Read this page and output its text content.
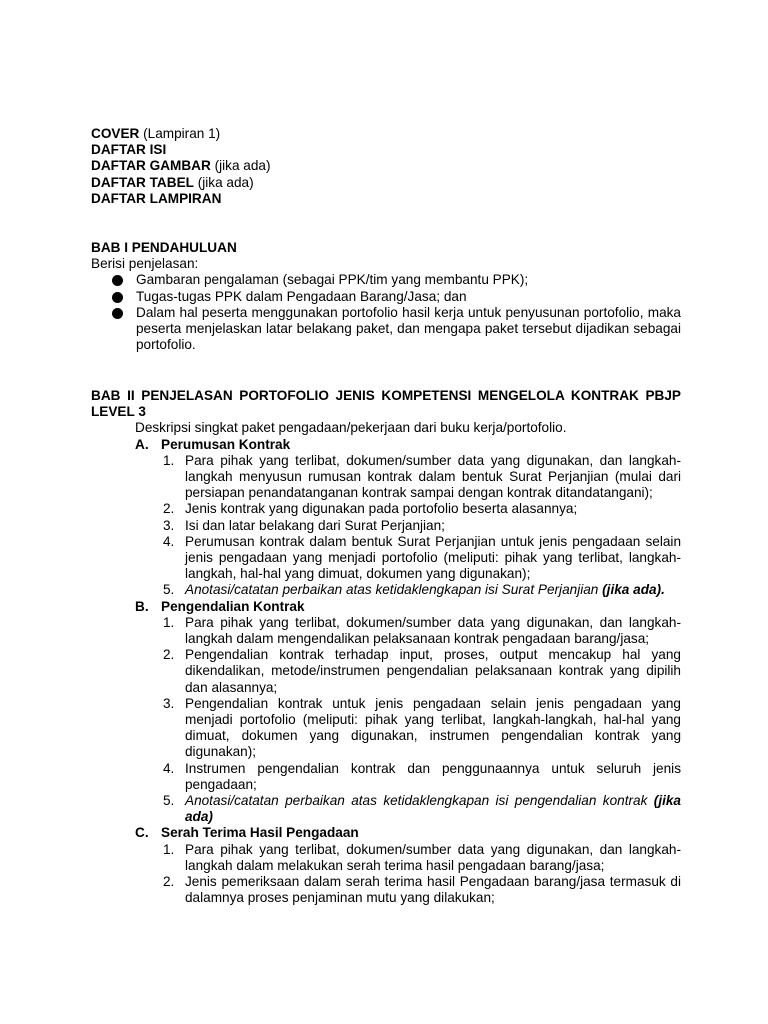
COVER (Lampiran 1)
DAFTAR ISI
DAFTAR GAMBAR (jika ada)
DAFTAR TABEL (jika ada)
DAFTAR LAMPIRAN
BAB I PENDAHULUAN
Berisi penjelasan:
Gambaran pengalaman (sebagai PPK/tim yang membantu PPK);
Tugas-tugas PPK dalam Pengadaan Barang/Jasa; dan
Dalam hal peserta menggunakan portofolio hasil kerja untuk penyusunan portofolio, maka peserta menjelaskan latar belakang paket, dan mengapa paket tersebut dijadikan sebagai portofolio.
BAB II PENJELASAN PORTOFOLIO JENIS KOMPETENSI MENGELOLA KONTRAK PBJP LEVEL 3
Deskripsi singkat paket pengadaan/pekerjaan dari buku kerja/portofolio.
A. Perumusan Kontrak
1. Para pihak yang terlibat, dokumen/sumber data yang digunakan, dan langkah-langkah menyusun rumusan kontrak dalam bentuk Surat Perjanjian (mulai dari persiapan penandatanganan kontrak sampai dengan kontrak ditandatangani);
2. Jenis kontrak yang digunakan pada portofolio beserta alasannya;
3. Isi dan latar belakang dari Surat Perjanjian;
4. Perumusan kontrak dalam bentuk Surat Perjanjian untuk jenis pengadaan selain jenis pengadaan yang menjadi portofolio (meliputi: pihak yang terlibat, langkah-langkah, hal-hal yang dimuat, dokumen yang digunakan);
5. Anotasi/catatan perbaikan atas ketidaklengkapan isi Surat Perjanjian (jika ada).
B. Pengendalian Kontrak
1. Para pihak yang terlibat, dokumen/sumber data yang digunakan, dan langkah-langkah dalam mengendalikan pelaksanaan kontrak pengadaan barang/jasa;
2. Pengendalian kontrak terhadap input, proses, output mencakup hal yang dikendalikan, metode/instrumen pengendalian pelaksanaan kontrak yang dipilih dan alasannya;
3. Pengendalian kontrak untuk jenis pengadaan selain jenis pengadaan yang menjadi portofolio (meliputi: pihak yang terlibat, langkah-langkah, hal-hal yang dimuat, dokumen yang digunakan, instrumen pengendalian kontrak yang digunakan);
4. Instrumen pengendalian kontrak dan penggunaannya untuk seluruh jenis pengadaan;
5. Anotasi/catatan perbaikan atas ketidaklengkapan isi pengendalian kontrak (jika ada)
C. Serah Terima Hasil Pengadaan
1. Para pihak yang terlibat, dokumen/sumber data yang digunakan, dan langkah-langkah dalam melakukan serah terima hasil pengadaan barang/jasa;
2. Jenis pemeriksaan dalam serah terima hasil Pengadaan barang/jasa termasuk di dalamnya proses penjaminan mutu yang dilakukan;
